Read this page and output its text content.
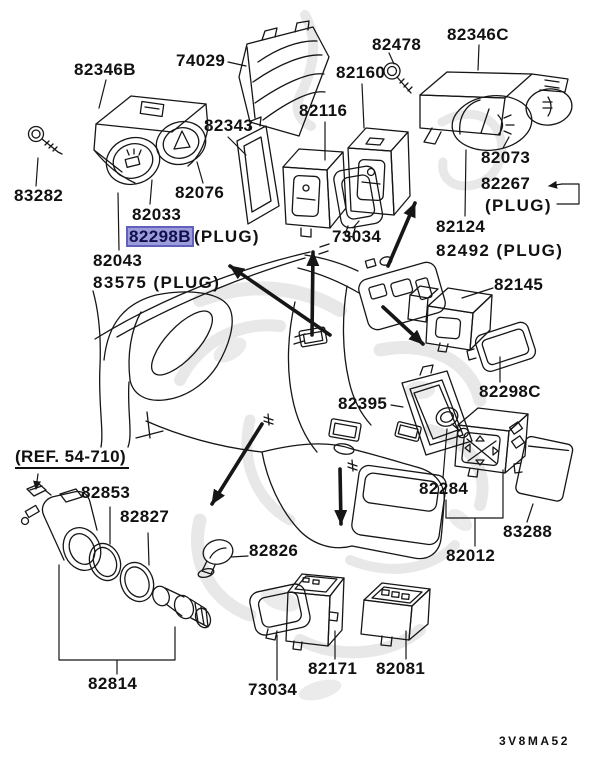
82346B 74029
82478
82346C
82160
82116
82343
82073
82267
(PLUG)
83282	82076
82033
82298B (PLUG)
82043
83575 (PLUG)
73034
82124
82492 (PLUG)
82145
82298C
82395
(REF. 54-710)
82853
82827
82284
82826
83288
82012
82814	73034
82171 82081
3V8MA52
